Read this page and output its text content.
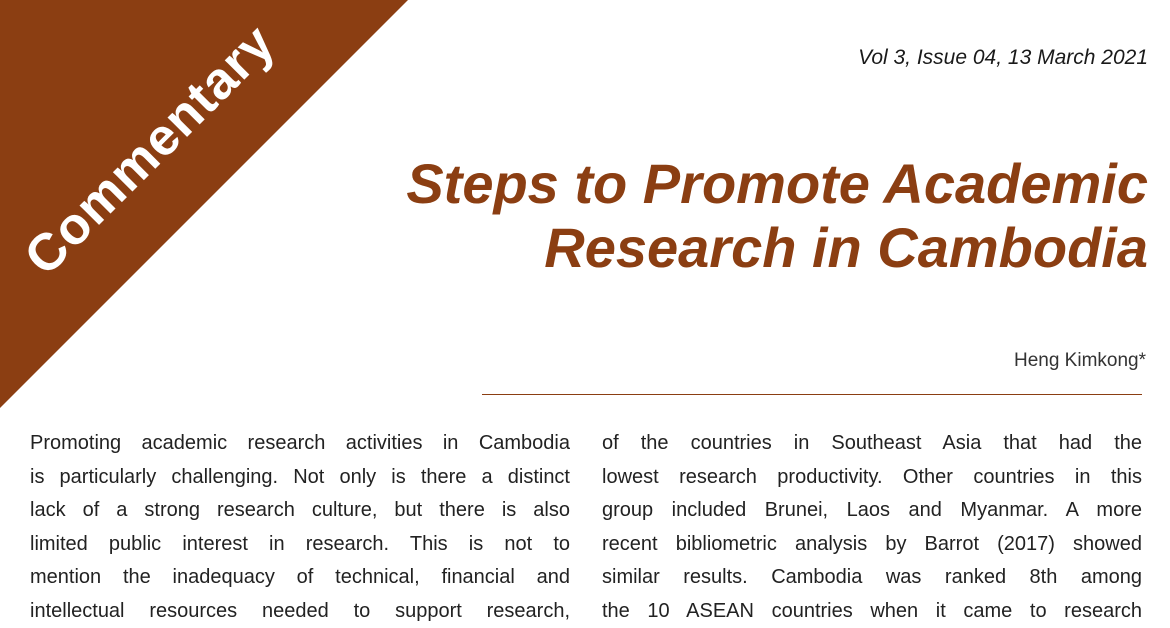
Commentary	Vol 3, Issue 04, 13 March 2021
Steps to Promote Academic
Research in Cambodia
Heng Kimkong*
Promoting academic research activities in Cambodia
is particularly challenging. Not only is there a distinct
lack of a strong research culture, but there is also
limited public interest in research. This is not to
mention the inadequacy of technical, financial and
intellectual resources needed to support research,
of the countries in Southeast Asia that had the
lowest research productivity. Other countries in this
group included Brunei, Laos and Myanmar. A more
recent bibliometric analysis by Barrot (2017) showed
similar results. Cambodia was ranked 8th among
the 10 ASEAN countries when it came to research
